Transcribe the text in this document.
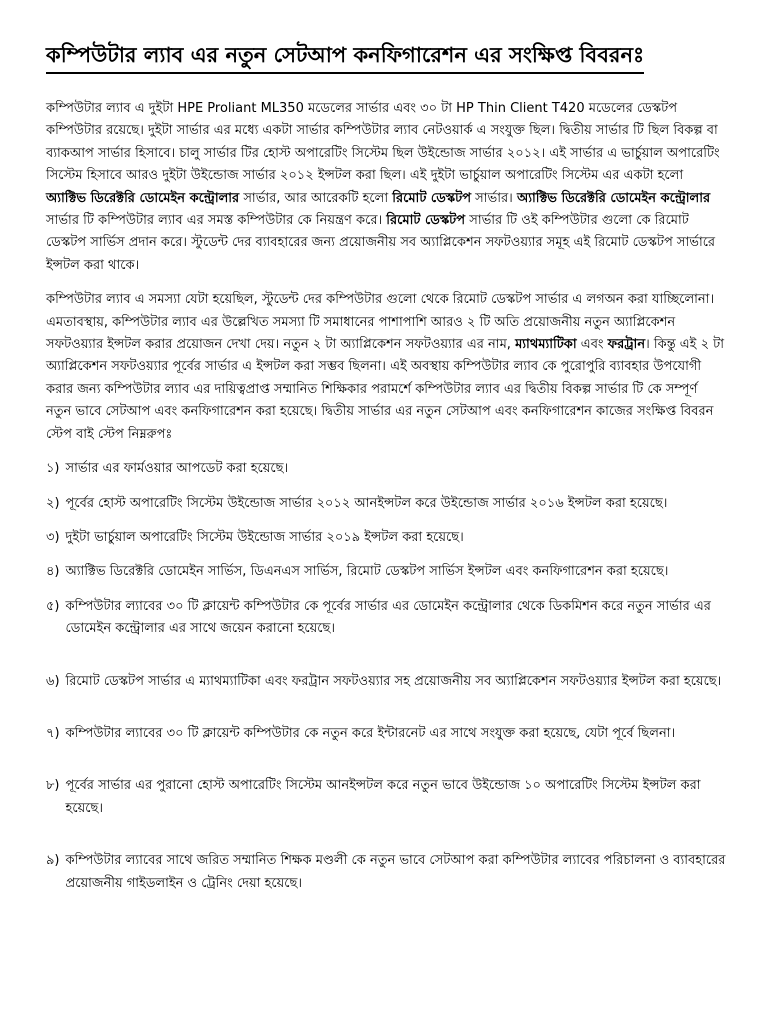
কম্পিউটার ল্যাব এর নতুন সেটআপ কনফিগারেশন এর সংক্ষিপ্ত বিবরনঃ

কম্পিউটার ল্যাব এ দুইটা HPE Proliant ML350 মডেলের সার্ভার এবং ৩০ টা HP Thin Client T420 মডেলের ডেস্কটপ কম্পিউটার রয়েছে। দুইটা সার্ভার এর মধ্যে একটা সার্ভার কম্পিউটার ল্যাব নেটওয়ার্ক এ সংযুক্ত ছিল। দ্বিতীয় সার্ভার টি ছিল বিকল্প বা ব্যাকআপ সার্ভার হিসাবে। চালু সার্ভার টির হোস্ট অপারেটিং সিস্টেম ছিল উইন্ডোজ সার্ভার ২০১২। এই সার্ভার এ ভার্চুয়াল অপারেটিং সিস্টেম হিসাবে আরও দুইটা উইন্ডোজ সার্ভার ২০১২ ইন্সটল করা ছিল। এই দুইটা ভার্চুয়াল অপারেটিং সিস্টেম এর একটা হলো অ্যাক্টিভ ডিরেক্টরি ডোমেইন কন্ট্রোলার সার্ভার, আর আরেকটি হলো রিমোট ডেস্কটপ সার্ভার। অ্যাক্টিভ ডিরেক্টরি ডোমেইন কন্ট্রোলার সার্ভার টি কম্পিউটার ল্যাব এর সমস্ত কম্পিউটার কে নিয়ন্ত্রণ করে। রিমোট ডেস্কটপ সার্ভার টি ওই কম্পিউটার গুলো কে রিমোট ডেস্কটপ সার্ভিস প্রদান করে। স্টুডেন্ট দের ব্যাবহারের জন্য প্রয়োজনীয় সব অ্যাপ্লিকেশন সফটওয়্যার সমূহ এই রিমোট ডেস্কটপ সার্ভারে ইন্সটল করা থাকে।

কম্পিউটার ল্যাব এ সমস্যা যেটা হয়েছিল, স্টুডেন্ট দের কম্পিউটার গুলো থেকে রিমোট ডেস্কটপ সার্ভার এ লগঅন করা যাচ্ছিলোনা। এমতাবস্থায়, কম্পিউটার ল্যাব এর উল্লেখিত সমস্যা টি সমাধানের পাশাপাশি আরও ২ টি অতি প্রয়োজনীয় নতুন অ্যাপ্লিকেশন সফটওয়্যার ইন্সটল করার প্রয়োজন দেখা দেয়। নতুন ২ টা অ্যাপ্লিকেশন সফটওয়্যার এর নাম, ম্যাথম্যাটিকা এবং ফরট্রান। কিন্তু এই ২ টা অ্যাপ্লিকেশন সফটওয়্যার পূর্বের সার্ভার এ ইন্সটল করা সম্ভব ছিলনা। এই অবস্থায় কম্পিউটার ল্যাব কে পুরোপুরি ব্যাবহার উপযোগী করার জন্য কম্পিউটার ল্যাব এর দায়িত্বপ্রাপ্ত সম্মানিত শিক্ষিকার পরামর্শে কম্পিউটার ল্যাব এর দ্বিতীয় বিকল্প সার্ভার টি কে সম্পূর্ণ নতুন ভাবে সেটআপ এবং কনফিগারেশন করা হয়েছে। দ্বিতীয় সার্ভার এর নতুন সেটআপ এবং কনফিগারেশন কাজের সংক্ষিপ্ত বিবরন স্টেপ বাই স্টেপ নিম্নরুপঃ

১) সার্ভার এর ফার্মওয়ার আপডেট করা হয়েছে।
২) পূর্বের হোস্ট অপারেটিং সিস্টেম উইন্ডোজ সার্ভার ২০১২ আনইন্সটল করে উইন্ডোজ সার্ভার ২০১৬ ইন্সটল করা হয়েছে।
৩) দুইটা ভার্চুয়াল অপারেটিং সিস্টেম উইন্ডোজ সার্ভার ২০১৯ ইন্সটল করা হয়েছে।
৪) অ্যাক্টিভ ডিরেক্টরি ডোমেইন সার্ভিস, ডিএনএস সার্ভিস, রিমোট ডেস্কটপ সার্ভিস ইন্সটল এবং কনফিগারেশন করা হয়েছে।
৫) কম্পিউটার ল্যাবের ৩০ টি ক্লায়েন্ট কম্পিউটার কে পূর্বের সার্ভার এর ডোমেইন কন্ট্রোলার থেকে ডিকমিশন করে নতুন সার্ভার এর ডোমেইন কন্ট্রোলার এর সাথে জয়েন করানো হয়েছে।
৬) রিমোট ডেস্কটপ সার্ভার এ ম্যাথম্যাটিকা এবং ফরট্রান সফটওয়্যার সহ প্রয়োজনীয় সব অ্যাপ্লিকেশন সফটওয়্যার ইন্সটল করা হয়েছে।
৭) কম্পিউটার ল্যাবের ৩০ টি ক্লায়েন্ট কম্পিউটার কে নতুন করে ইন্টারনেট এর সাথে সংযুক্ত করা হয়েছে, যেটা পূর্বে ছিলনা।
৮) পূর্বের সার্ভার এর পুরানো হোস্ট অপারেটিং সিস্টেম আনইন্সটল করে নতুন ভাবে উইন্ডোজ ১০ অপারেটিং সিস্টেম ইন্সটল করা হয়েছে।
৯) কম্পিউটার ল্যাবের সাথে জরিত সম্মানিত শিক্ষক মণ্ডলী কে নতুন ভাবে সেটআপ করা কম্পিউটার ল্যাবের পরিচালনা ও ব্যাবহারের প্রয়োজনীয় গাইডলাইন ও ট্রেনিং দেয়া হয়েছে।
